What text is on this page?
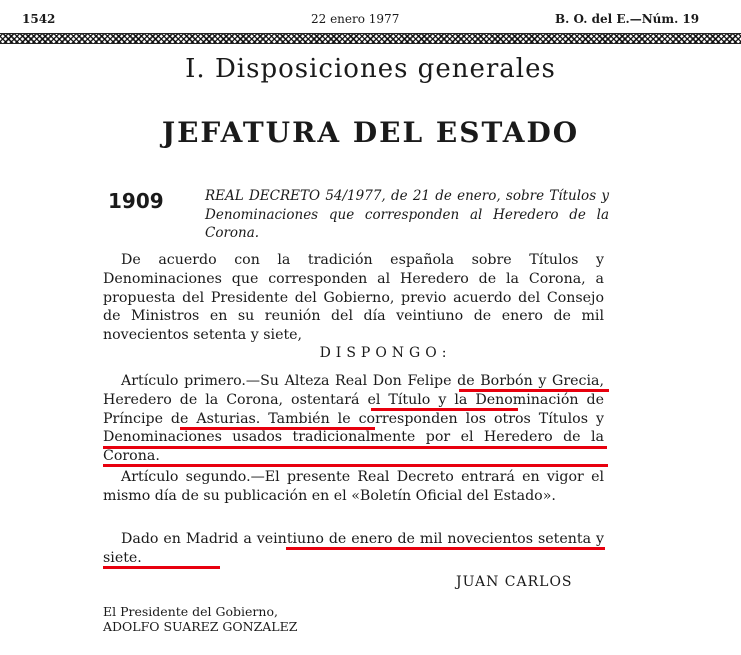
1542	22 enero 1977	B. O. del E.—Núm. 19
I. Disposiciones generales
JEFATURA DEL ESTADO
1909	REAL DECRETO 54/1977, de 21 de enero, sobre Títulos y Denominaciones que corresponden al Heredero de la Corona.
De acuerdo con la tradición española sobre Títulos y Denominaciones que corresponden al Heredero de la Corona, a propuesta del Presidente del Gobierno, previo acuerdo del Consejo de Ministros en su reunión del día veintiuno de enero de mil novecientos setenta y siete,
DISPONGO:
Artículo primero.—Su Alteza Real Don Felipe de Borbón y Grecia, Heredero de la Corona, ostentará el Título y la Denominación de Príncipe de Asturias. También le corresponden los otros Títulos y Denominaciones usados tradicionalmente por el Heredero de la Corona.
Artículo segundo.—El presente Real Decreto entrará en vigor el mismo día de su publicación en el «Boletín Oficial del Estado».
Dado en Madrid a veintiuno de enero de mil novecientos setenta y siete.
JUAN CARLOS
El Presidente del Gobierno,
ADOLFO SUAREZ GONZALEZ
